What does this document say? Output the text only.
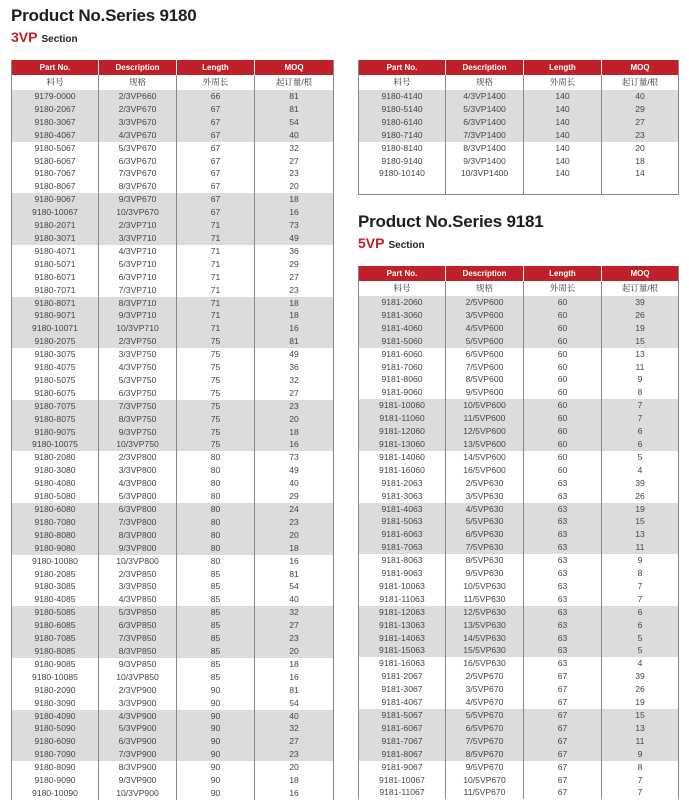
Product No.Series 9180
3VP Section
Part No.	Description	Length	MOQ
料号	规格	外周长	起订量/根
9179-0000	2/3VP660	66	81
9180-2067	2/3VP670	67	81
9180-3067	3/3VP670	67	54
9180-4067	4/3VP670	67	40
9180-5067	5/3VP670	67	32
9180-6067	6/3VP670	67	27
9180-7067	7/3VP670	67	23
9180-8067	8/3VP670	67	20
9180-9067	9/3VP670	67	18
9180-10067	10/3VP670	67	16
9180-2071	2/3VP710	71	73
9180-3071	3/3VP710	71	49
9180-4071	4/3VP710	71	36
9180-5071	5/3VP710	71	29
9180-6071	6/3VP710	71	27
9180-7071	7/3VP710	71	23
9180-8071	8/3VP710	71	18
9180-9071	9/3VP710	71	18
9180-10071	10/3VP710	71	16
9180-2075	2/3VP750	75	81
9180-3075	3/3VP750	75	49
9180-4075	4/3VP750	75	36
9180-5075	5/3VP750	75	32
9180-6075	6/3VP750	75	27
9180-7075	7/3VP750	75	23
9180-8075	8/3VP750	75	20
9180-9075	9/3VP750	75	18
9180-10075	10/3VP750	75	16
9180-2080	2/3VP800	80	73
9180-3080	3/3VP800	80	49
9180-4080	4/3VP800	80	40
9180-5080	5/3VP800	80	29
9180-6080	6/3VP800	80	24
9180-7080	7/3VP800	80	23
9180-8080	8/3VP800	80	20
9180-9080	9/3VP800	80	18
9180-10080	10/3VP800	80	16
9180-2085	2/3VP850	85	81
9180-3085	3/3VP850	85	54
9180-4085	4/3VP850	85	40
9180-5085	5/3VP850	85	32
9180-6085	6/3VP850	85	27
9180-7085	7/3VP850	85	23
9180-8085	8/3VP850	85	20
9180-9085	9/3VP850	85	18
9180-10085	10/3VP850	85	16
9180-2090	2/3VP900	90	81
9180-3090	3/3VP900	90	54
9180-4090	4/3VP900	90	40
9180-5090	5/3VP900	90	32
9180-6090	6/3VP900	90	27
9180-7090	7/3VP900	90	23
9180-8090	8/3VP900	90	20
9180-9090	9/3VP900	90	18
9180-10090	10/3VP900	90	16
Part No.	Description	Length	MOQ
料号	规格	外周长	起订量/根
9180-4140	4/3VP1400	140	40
9180-5140	5/3VP1400	140	29
9180-6140	6/3VP1400	140	27
9180-7140	7/3VP1400	140	23
9180-8140	8/3VP1400	140	20
9180-9140	9/3VP1400	140	18
9180-10140	10/3VP1400	140	14

Product No.Series 9181
5VP Section
Part No.	Description	Length	MOQ
料号	规格	外周长	起订量/根
9181-2060	2/5VP600	60	39
9181-3060	3/5VP600	60	26
9181-4060	4/5VP600	60	19
9181-5060	5/5VP600	60	15
9181-6060	6/5VP600	60	13
9181-7060	7/5VP600	60	11
9181-8060	8/5VP600	60	9
9181-9060	9/5VP600	60	8
9181-10060	10/5VP600	60	7
9181-11060	11/5VP600	60	7
9181-12060	12/5VP600	60	6
9181-13060	13/5VP600	60	6
9181-14060	14/5VP600	60	5
9181-16060	16/5VP600	60	4
9181-2063	2/5VP630	63	39
9181-3063	3/5VP630	63	26
9181-4063	4/5VP630	63	19
9181-5063	5/5VP630	63	15
9181-6063	6/5VP630	63	13
9181-7063	7/5VP630	63	11
9181-8063	8/5VP630	63	9
9181-9063	9/5VP630	63	8
9181-10063	10/5VP630	63	7
9181-11063	11/5VP630	63	7
9181-12063	12/5VP630	63	6
9181-13063	13/5VP630	63	6
9181-14063	14/5VP630	63	5
9181-15063	15/5VP630	63	5
9181-16063	16/5VP630	63	4
9181-2067	2/5VP670	67	39
9181-3067	3/5VP670	67	26
9181-4067	4/5VP670	67	19
9181-5067	5/5VP670	67	15
9181-6067	6/5VP670	67	13
9181-7067	7/5VP670	67	11
9181-8067	8/5VP670	67	9
9181-9067	9/5VP670	67	8
9181-10067	10/5VP670	67	7
9181-11067	11/5VP670	67	7
